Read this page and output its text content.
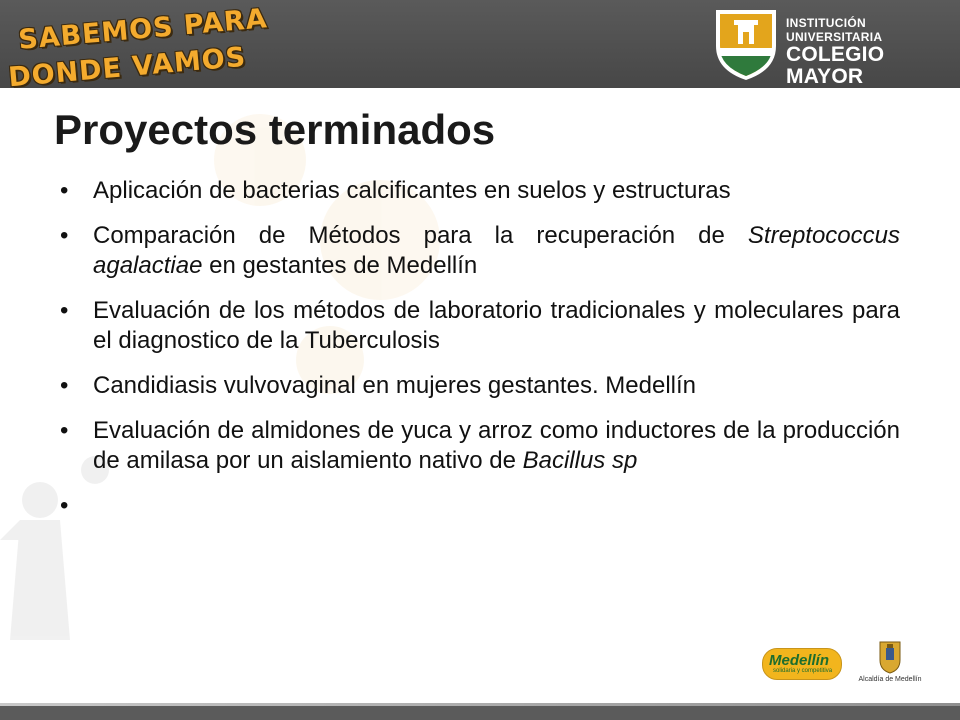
SABEMOS PARA
DONDE VAMOS
INSTITUCIÓN UNIVERSITARIA
COLEGIO MAYOR
DE ANTIOQUIA
Proyectos terminados
• Aplicación de bacterias calcificantes en suelos y estructuras
• Comparación de Métodos para la recuperación de Streptococcus agalactiae en gestantes de Medellín
• Evaluación de los métodos de laboratorio tradicionales y moleculares para el diagnostico de la Tuberculosis
• Candidiasis vulvovaginal en mujeres gestantes. Medellín
• Evaluación de almidones de yuca y arroz como inductores de la producción de amilasa por un aislamiento nativo de Bacillus sp
•
Medellín
solidaria y competitiva
Alcaldía de Medellín
